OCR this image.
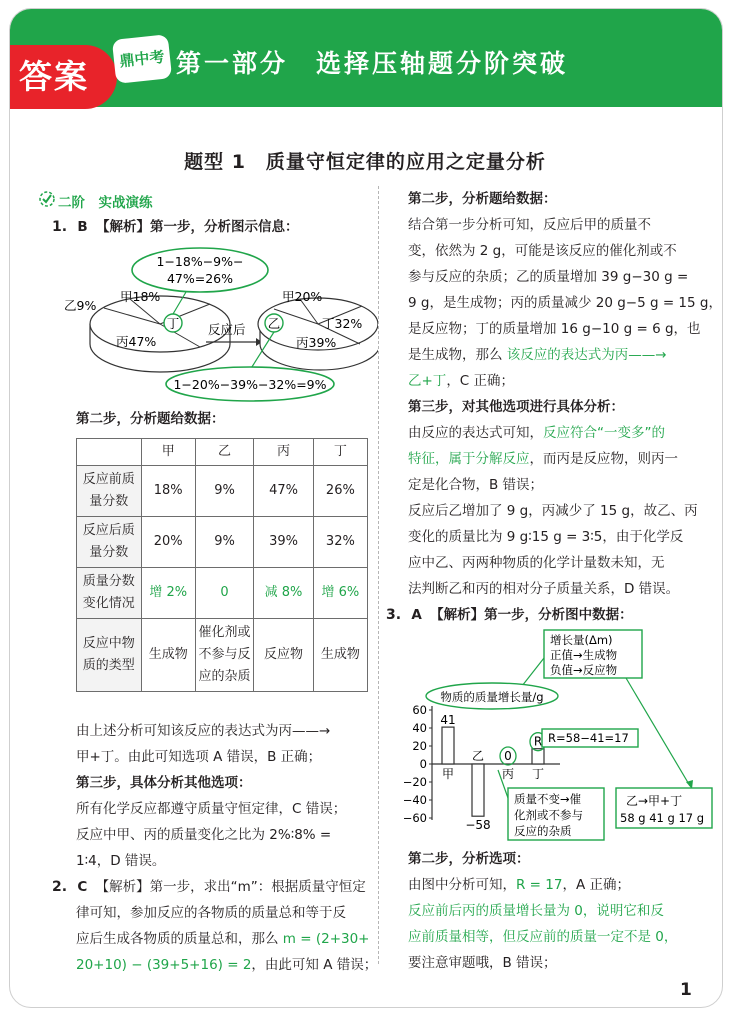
答案	鼎中考 第一部分　选择压轴题分阶突破
题型 1　质量守恒定律的应用之定量分析
二阶　实战演练
1. B 【解析】第一步，分析图示信息：
1−18%−9%−
47%=26%
乙9%
甲18%
丁
丙47%
反应后
甲20%
乙	丁32%
丙39%
1−20%−39%−32%=9%
第二步，分析题给数据：
	甲	乙	丙	丁
反应前质量分数	18%	9%	47%	26%
反应后质量分数	20%	9%	39%	32%
质量分数变化情况	增 2%	0	减 8%	增 6%
反应中物质的类型	生成物	催化剂或不参与反应的杂质	反应物	生成物
由上述分析可知该反应的表达式为丙——→
甲+丁。由此可知选项 A 错误，B 正确；
第三步，具体分析其他选项：
所有化学反应都遵守质量守恒定律，C 错误；
反应中甲、丙的质量变化之比为 2%∶8% =
1∶4，D 错误。
2. C 【解析】第一步，求出“m”：根据质量守恒定
律可知，参加反应的各物质的质量总和等于反
应后生成各物质的质量总和，那么 m = (2+30+
20+10) − (39+5+16) = 2，由此可知 A 错误；
第二步，分析题给数据：
结合第一步分析可知，反应后甲的质量不
变，依然为 2 g，可能是该反应的催化剂或不
参与反应的杂质；乙的质量增加 39 g−30 g =
9 g，是生成物；丙的质量减少 20 g−5 g = 15 g，
是反应物；丁的质量增加 16 g−10 g = 6 g，也
是生成物，那么 该反应的表达式为丙——→
乙+丁，C 正确；
第三步，对其他选项进行具体分析：
由反应的表达式可知，反应符合“一变多”的
特征，属于分解反应，而丙是反应物，则丙一
定是化合物，B 错误；
反应后乙增加了 9 g，丙减少了 15 g，故乙、丙
变化的质量比为 9 g∶15 g = 3∶5，由于化学反
应中乙、丙两种物质的化学计量数未知，无
法判断乙和丙的相对分子质量关系，D 错误。
3. A 【解析】第一步，分析图中数据：
增长量(Δm)
正值→生成物
负值→反应物
物质的质量增长量/g
60
40
20
0
−20
−40
−60
甲
41
乙
−58
丙
0
丁
R R=58−41=17
质量不变→催
化剂或不参与
反应的杂质
乙→甲+丁
58 g 41 g 17 g
第二步，分析选项：
由图中分析可知，R = 17，A 正确；
反应前后丙的质量增长量为 0，说明它和反
应前质量相等，但反应前的质量一定不是 0，
要注意审题哦，B 错误；
1
